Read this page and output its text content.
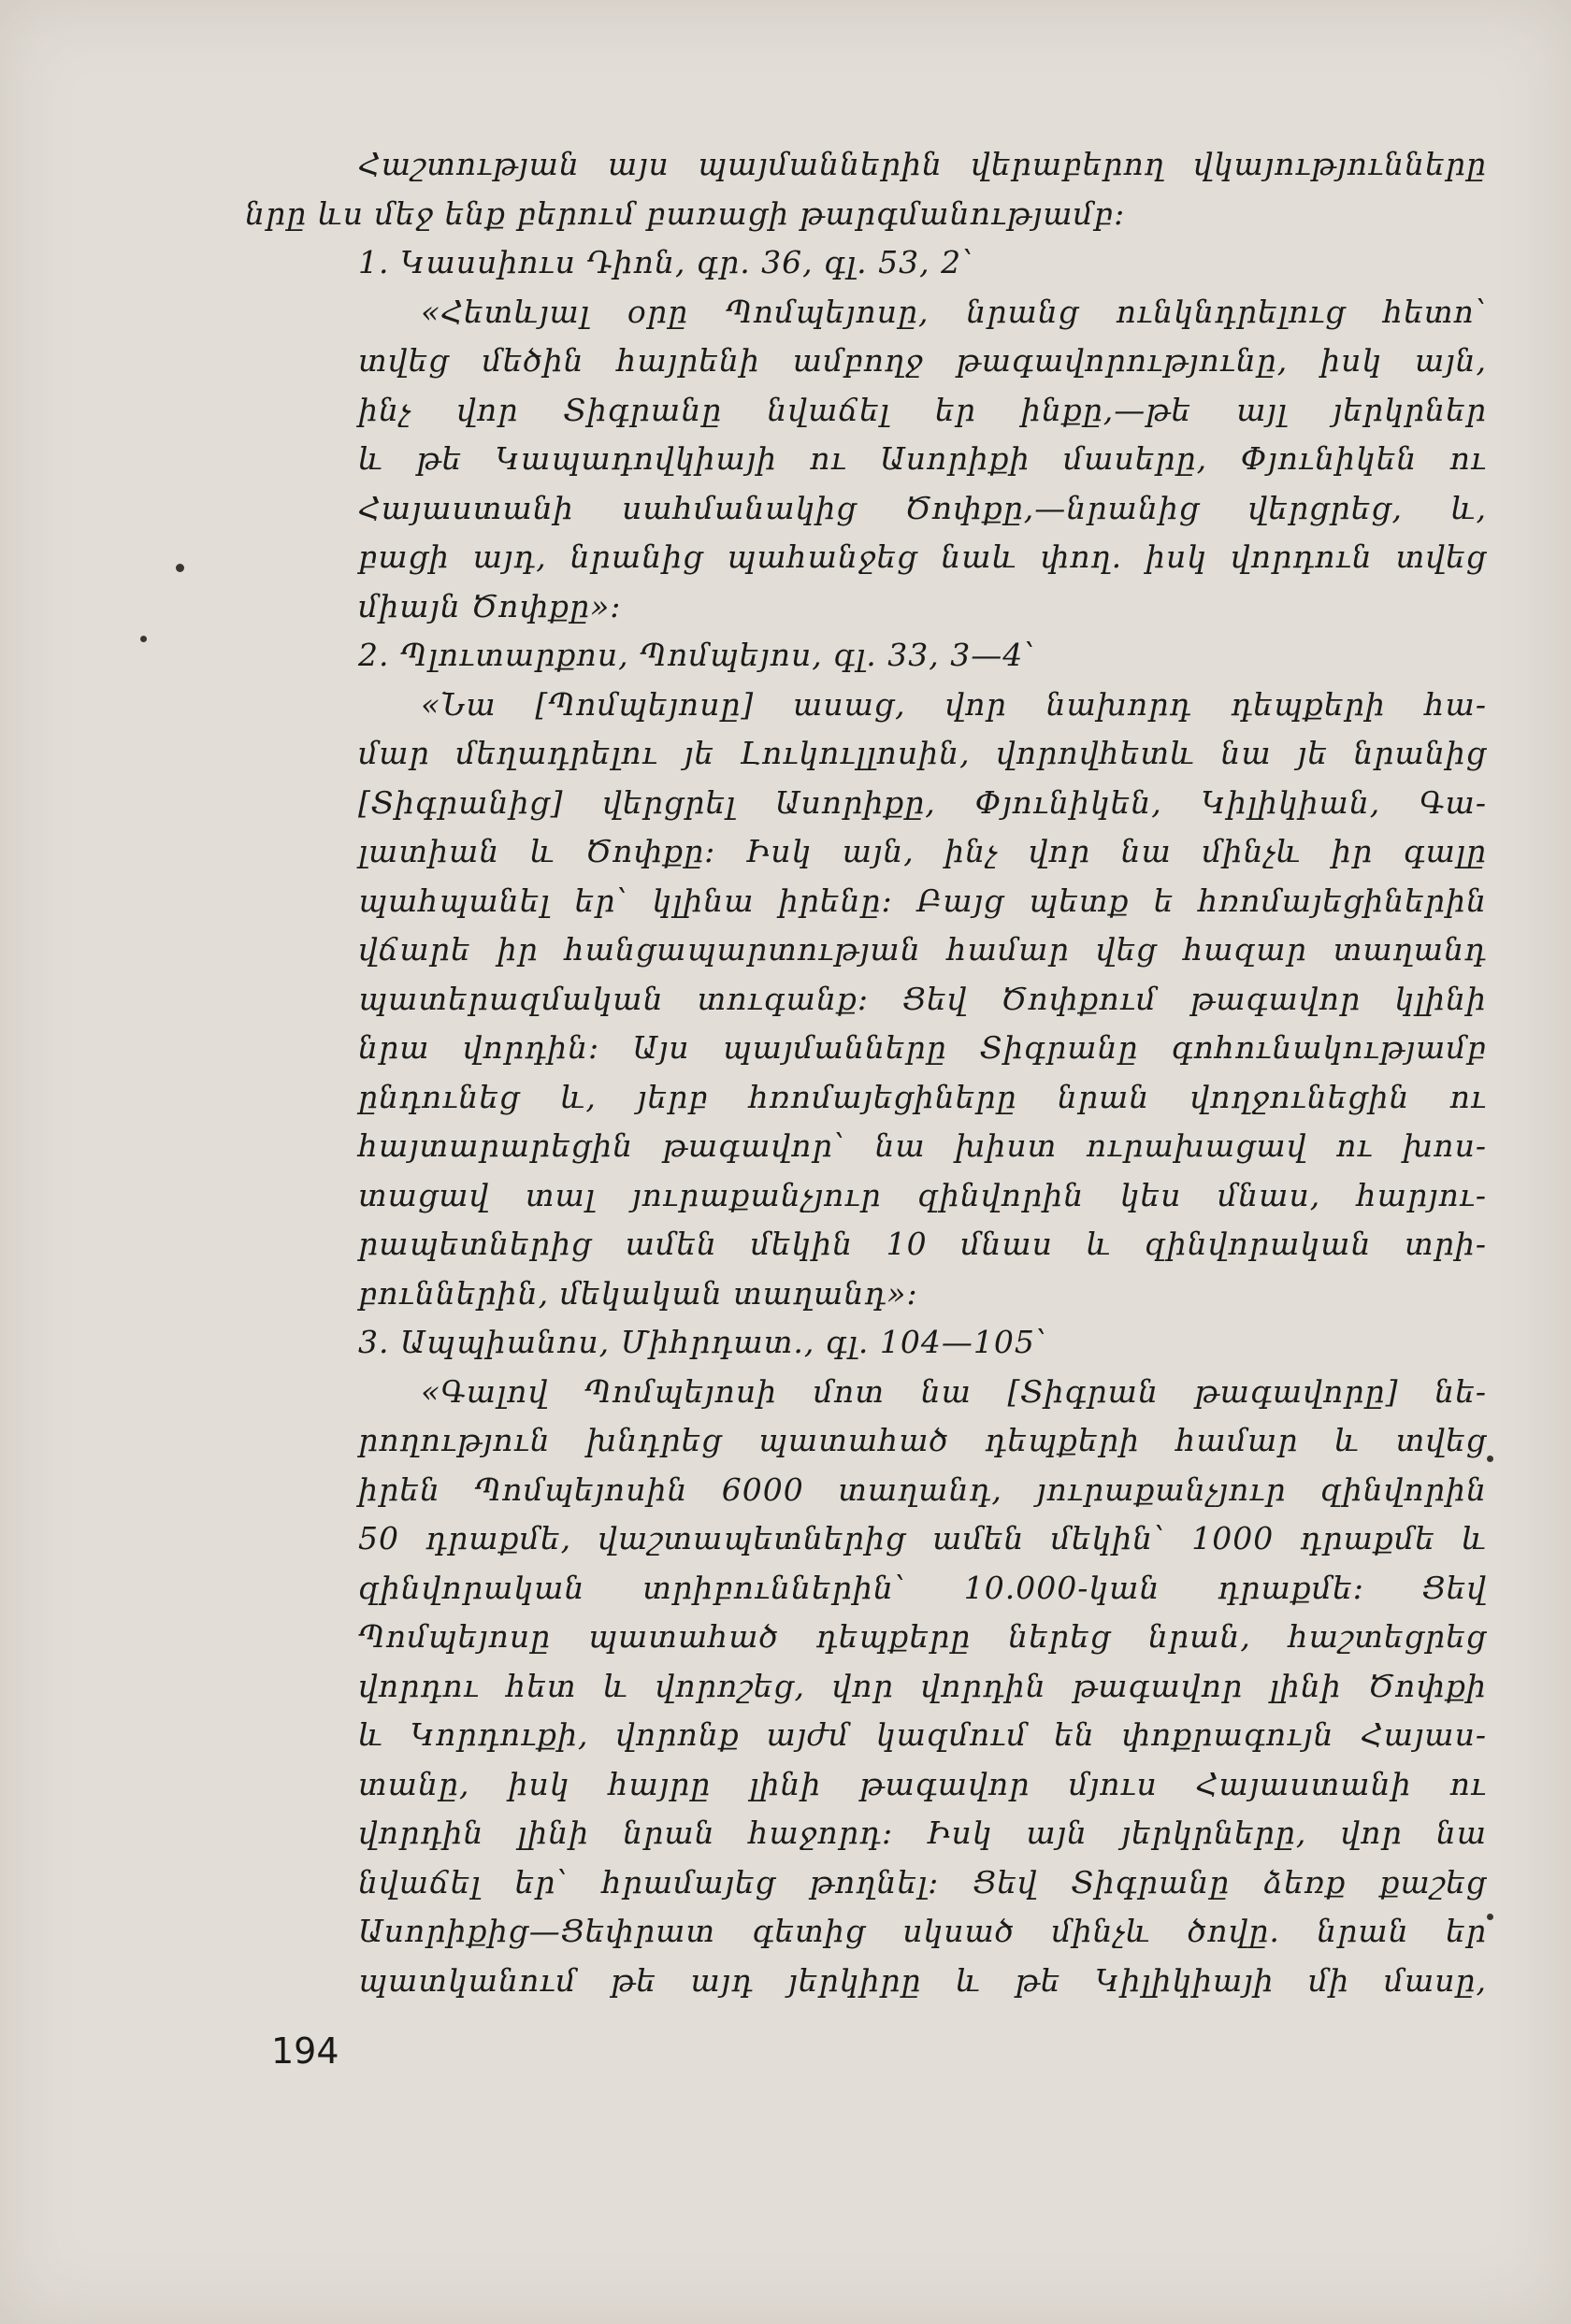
Հաշտության այս պայմաններին վերաբերող վկայությունները
նրը ևս մեջ ենք բերում բառացի թարգմանությամբ:
1. Կասսիուս Դիոն, գր. 36, գլ. 53, 2՝
«Հետևյալ օրը Պոմպեյոսը, նրանց ունկնդրելուց հետո՝
տվեց մեծին հայրենի ամբողջ թագավորությունը, իսկ այն,
ինչ վոր Տիգրանը նվաճել եր ինքը,—թե այլ յերկրներ
և թե Կապադովկիայի ու Ասորիքի մասերը, Փյունիկեն ու
Հայաստանի սահմանակից Ծոփքը,—նրանից վերցրեց, և,
բացի այդ, նրանից պահանջեց նաև փող. իսկ վորդուն տվեց
միայն Ծոփքը»:
2. Պլուտարքոս, Պոմպեյոս, գլ. 33, 3—4՝
«Նա [Պոմպեյոսը] ասաց, վոր նախորդ դեպքերի հա-
մար մեղադրելու յե Լուկուլլոսին, վորովհետև նա յե նրանից
[Տիգրանից] վերցրել Ասորիքը, Փյունիկեն, Կիլիկիան, Գա-
լատիան և Ծոփքը: Իսկ այն, ինչ վոր նա մինչև իր գալը
պահպանել եր՝ կլինա իրենը: Բայց պետք ե հռոմայեցիներին
վճարե իր հանցապարտության համար վեց հազար տաղանդ
պատերազմական տուգանք: Ցեվ Ծոփքում թագավոր կլինի
նրա վորդին: Այս պայմանները Տիգրանը գոհունակությամբ
ընդունեց և, յերբ հռոմայեցիները նրան վողջունեցին ու
հայտարարեցին թագավոր՝ նա խիստ ուրախացավ ու խոս-
տացավ տալ յուրաքանչյուր զինվորին կես մնաս, հարյու-
րապետներից ամեն մեկին 10 մնաս և զինվորական տրի-
բուններին, մեկական տաղանդ»:
3. Ապպիանոս, Միհրդատ., գլ. 104—105՝
«Գալով Պոմպեյոսի մոտ նա [Տիգրան թագավորը] նե-
րողություն խնդրեց պատահած դեպքերի համար և տվեց
իրեն Պոմպեյոսին 6000 տաղանդ, յուրաքանչյուր զինվորին
50 դրաքմե, վաշտապետներից ամեն մեկին՝ 1000 դրաքմե և
զինվորական տրիբուններին՝ 10.000-կան դրաքմե: Ցեվ
Պոմպեյոսը պատահած դեպքերը ներեց նրան, հաշտեցրեց
վորդու հետ և վորոշեց, վոր վորդին թագավոր լինի Ծոփքի
և Կորդուքի, վորոնք այժմ կազմում են փոքրագույն Հայաս-
տանը, իսկ հայրը լինի թագավոր մյուս Հայաստանի ու
վորդին լինի նրան հաջորդ: Իսկ այն յերկրները, վոր նա
նվաճել եր՝ հրամայեց թողնել: Ցեվ Տիգրանը ձեռք քաշեց
Ասորիքից—Ցեփրատ գետից սկսած մինչև ծովը. նրան եր
պատկանում թե այդ յերկիրը և թե Կիլիկիայի մի մասը,
194
